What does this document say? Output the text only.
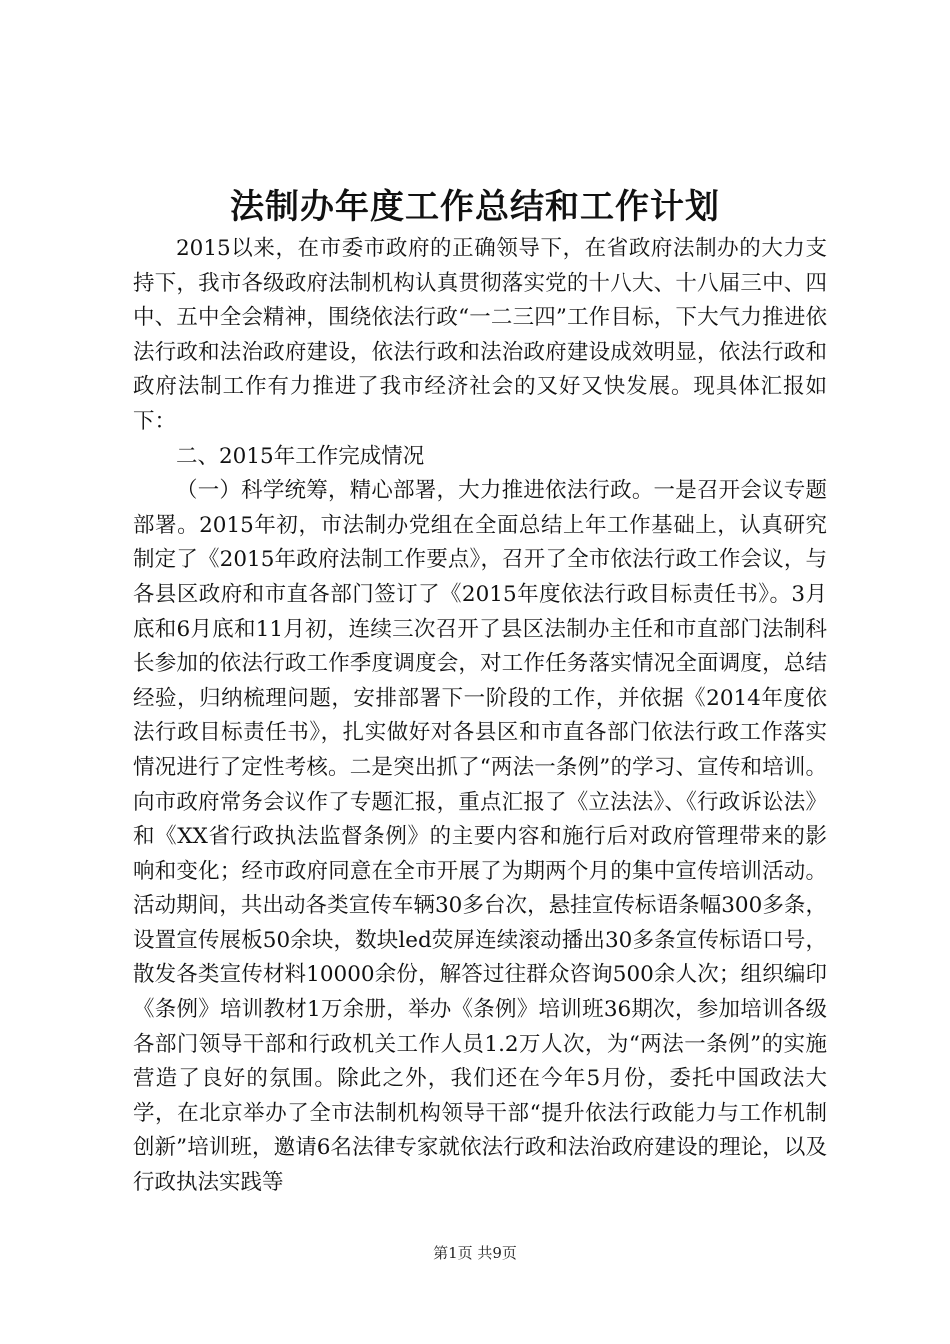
法制办年度工作总结和工作计划

2015以来，在市委市政府的正确领导下，在省政府法制办的大力支持下，我市各级政府法制机构认真贯彻落实党的十八大、十八届三中、四中、五中全会精神，围绕依法行政“一二三四”工作目标，下大气力推进依法行政和法治政府建设，依法行政和法治政府建设成效明显，依法行政和政府法制工作有力推进了我市经济社会的又好又快发展。现具体汇报如下：

二、2015年工作完成情况

（一）科学统筹，精心部署，大力推进依法行政。一是召开会议专题部署。2015年初，市法制办党组在全面总结上年工作基础上，认真研究制定了《2015年政府法制工作要点》，召开了全市依法行政工作会议，与各县区政府和市直各部门签订了《2015年度依法行政目标责任书》。3月底和6月底和11月初，连续三次召开了县区法制办主任和市直部门法制科长参加的依法行政工作季度调度会，对工作任务落实情况全面调度，总结经验，归纳梳理问题，安排部署下一阶段的工作，并依据《2014年度依法行政目标责任书》，扎实做好对各县区和市直各部门依法行政工作落实情况进行了定性考核。二是突出抓了“两法一条例”的学习、宣传和培训。向市政府常务会议作了专题汇报，重点汇报了《立法法》、《行政诉讼法》和《XX省行政执法监督条例》的主要内容和施行后对政府管理带来的影响和变化；经市政府同意在全市开展了为期两个月的集中宣传培训活动。活动期间，共出动各类宣传车辆30多台次，悬挂宣传标语条幅300多条，设置宣传展板50余块，数块led荧屏连续滚动播出30多条宣传标语口号，散发各类宣传材料10000余份，解答过往群众咨询500余人次；组织编印《条例》培训教材1万余册，举办《条例》培训班36期次，参加培训各级各部门领导干部和行政机关工作人员1.2万人次，为“两法一条例”的实施营造了良好的氛围。除此之外，我们还在今年5月份，委托中国政法大学，在北京举办了全市法制机构领导干部“提升依法行政能力与工作机制创新”培训班，邀请6名法律专家就依法行政和法治政府建设的理论，以及行政执法实践等

第1页 共9页
